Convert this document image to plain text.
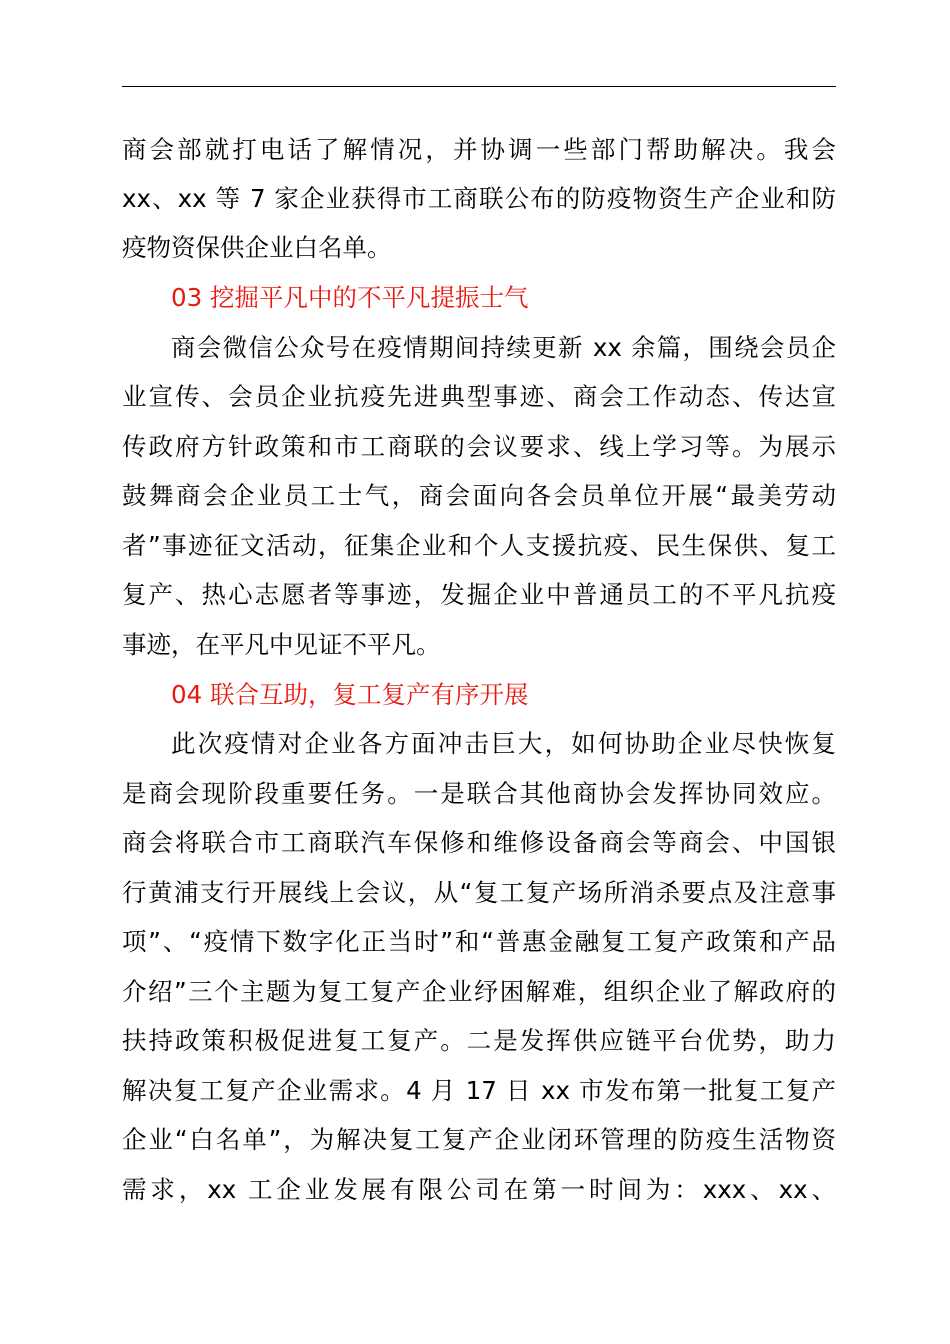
商会部就打电话了解情况，并协调一些部门帮助解决。我会
xx、xx 等 7 家企业获得市工商联公布的防疫物资生产企业和防
疫物资保供企业白名单。
03 挖掘平凡中的不平凡提振士气
商会微信公众号在疫情期间持续更新 xx 余篇，围绕会员企
业宣传、会员企业抗疫先进典型事迹、商会工作动态、传达宣
传政府方针政策和市工商联的会议要求、线上学习等。为展示
鼓舞商会企业员工士气，商会面向各会员单位开展“最美劳动
者”事迹征文活动，征集企业和个人支援抗疫、民生保供、复工
复产、热心志愿者等事迹，发掘企业中普通员工的不平凡抗疫
事迹，在平凡中见证不平凡。
04 联合互助，复工复产有序开展
此次疫情对企业各方面冲击巨大，如何协助企业尽快恢复
是商会现阶段重要任务。一是联合其他商协会发挥协同效应。
商会将联合市工商联汽车保修和维修设备商会等商会、中国银
行黄浦支行开展线上会议，从“复工复产场所消杀要点及注意事
项”、“疫情下数字化正当时”和“普惠金融复工复产政策和产品
介绍”三个主题为复工复产企业纾困解难，组织企业了解政府的
扶持政策积极促进复工复产。二是发挥供应链平台优势，助力
解决复工复产企业需求。4 月 17 日 xx 市发布第一批复工复产
企业“白名单”，为解决复工复产企业闭环管理的防疫生活物资
需求，xx 工企业发展有限公司在第一时间为：xxx、xx、
